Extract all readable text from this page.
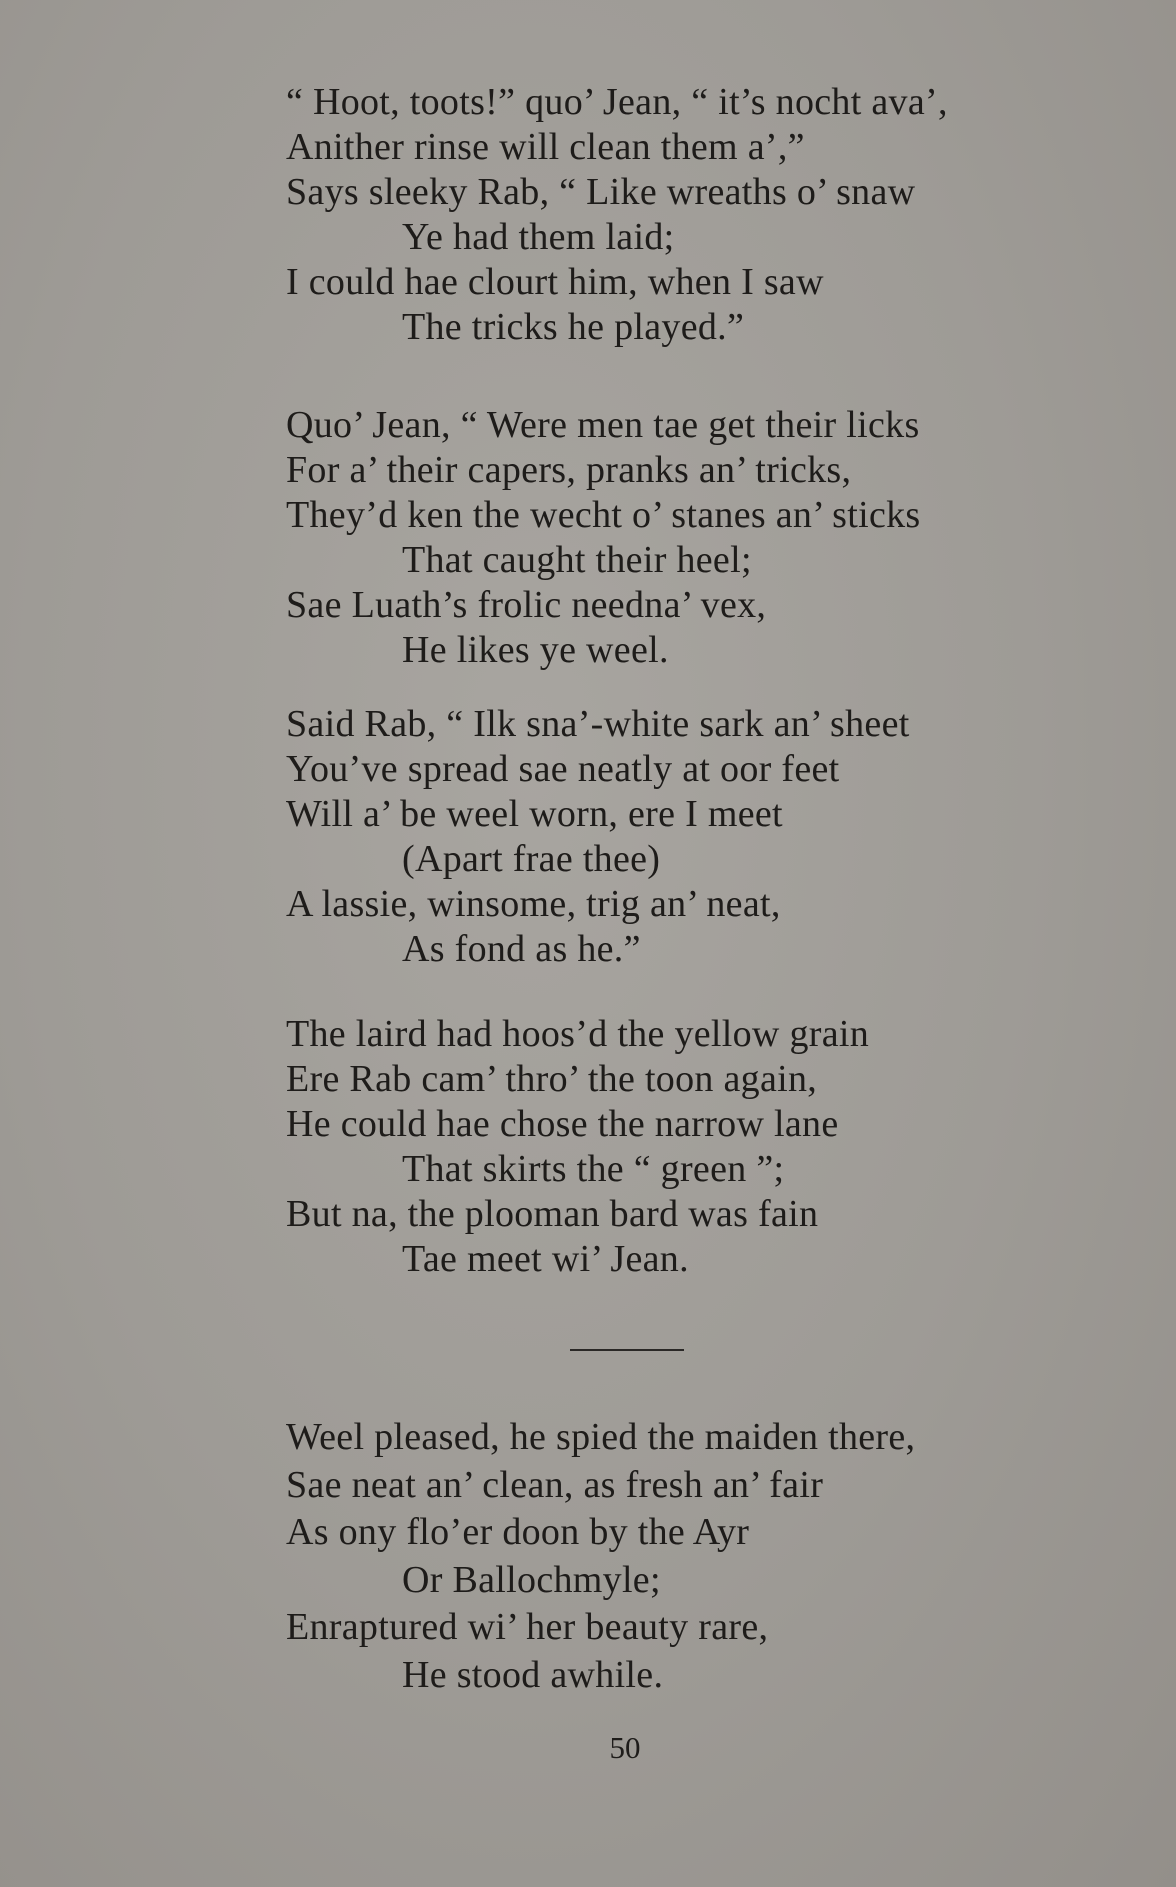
“ Hoot, toots!” quo’ Jean, “ it’s nocht ava’,
Anither rinse will clean them a’,”
Says sleeky Rab, “ Like wreaths o’ snaw
Ye had them laid;
I could hae clourt him, when I saw
The tricks he played.”
Quo’ Jean, “ Were men tae get their licks
For a’ their capers, pranks an’ tricks,
They’d ken the wecht o’ stanes an’ sticks
That caught their heel;
Sae Luath’s frolic needna’ vex,
He likes ye weel.
Said Rab, “ Ilk sna’-white sark an’ sheet
You’ve spread sae neatly at oor feet
Will a’ be weel worn, ere I meet
(Apart frae thee)
A lassie, winsome, trig an’ neat,
As fond as he.”
The laird had hoos’d the yellow grain
Ere Rab cam’ thro’ the toon again,
He could hae chose the narrow lane
That skirts the “ green ”;
But na, the plooman bard was fain
Tae meet wi’ Jean.
Weel pleased, he spied the maiden there,
Sae neat an’ clean, as fresh an’ fair
As ony flo’er doon by the Ayr
Or Ballochmyle;
Enraptured wi’ her beauty rare,
He stood awhile.
50
